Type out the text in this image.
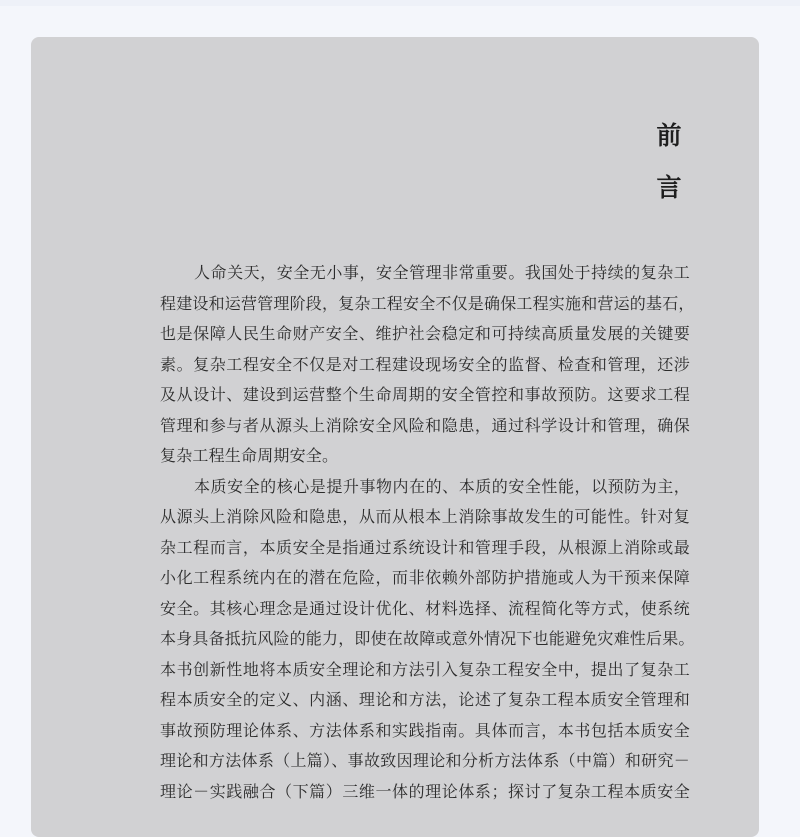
前
言
人命关天，安全无小事，安全管理非常重要。我国处于持续的复杂工
程建设和运营管理阶段，复杂工程安全不仅是确保工程实施和营运的基石，
也是保障人民生命财产安全、维护社会稳定和可持续高质量发展的关键要
素。复杂工程安全不仅是对工程建设现场安全的监督、检查和管理，还涉
及从设计、建设到运营整个生命周期的安全管控和事故预防。这要求工程
管理和参与者从源头上消除安全风险和隐患，通过科学设计和管理，确保
复杂工程生命周期安全。
本质安全的核心是提升事物内在的、本质的安全性能，以预防为主，
从源头上消除风险和隐患，从而从根本上消除事故发生的可能性。针对复
杂工程而言，本质安全是指通过系统设计和管理手段，从根源上消除或最
小化工程系统内在的潜在危险，而非依赖外部防护措施或人为干预来保障
安全。其核心理念是通过设计优化、材料选择、流程简化等方式，使系统
本身具备抵抗风险的能力，即使在故障或意外情况下也能避免灾难性后果。
本书创新性地将本质安全理论和方法引入复杂工程安全中，提出了复杂工
程本质安全的定义、内涵、理论和方法，论述了复杂工程本质安全管理和
事故预防理论体系、方法体系和实践指南。具体而言，本书包括本质安全
理论和方法体系（上篇）、事故致因理论和分析方法体系（中篇）和研究－
理论－实践融合（下篇）三维一体的理论体系；探讨了复杂工程本质安全
